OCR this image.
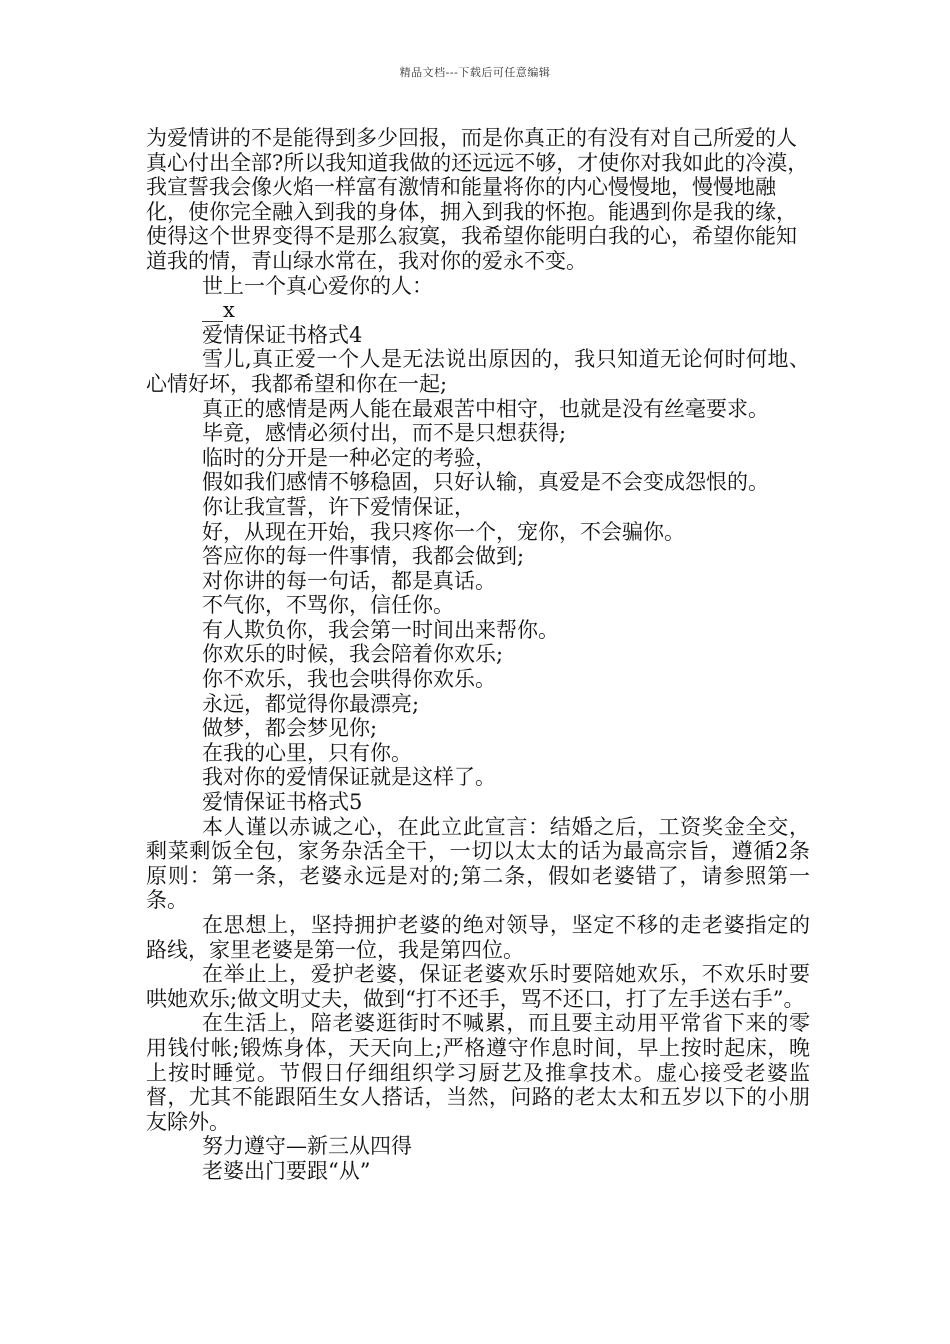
精品文档---下载后可任意编辑

为爱情讲的不是能得到多少回报，而是你真正的有没有对自己所爱的人真心付出全部?所以我知道我做的还远远不够，才使你对我如此的冷漠，我宣誓我会像火焰一样富有激情和能量将你的内心慢慢地，慢慢地融化，使你完全融入到我的身体，拥入到我的怀抱。能遇到你是我的缘，使得这个世界变得不是那么寂寞，我希望你能明白我的心，希望你能知道我的情，青山绿水常在，我对你的爱永不变。

世上一个真心爱你的人：

__x

爱情保证书格式4

雪儿,真正爱一个人是无法说出原因的，我只知道无论何时何地、心情好坏，我都希望和你在一起;

真正的感情是两人能在最艰苦中相守，也就是没有丝毫要求。

毕竟，感情必须付出，而不是只想获得;

临时的分开是一种必定的考验，

假如我们感情不够稳固，只好认输，真爱是不会变成怨恨的。

你让我宣誓，许下爱情保证，

好，从现在开始，我只疼你一个，宠你，不会骗你。

答应你的每一件事情，我都会做到;

对你讲的每一句话，都是真话。

不气你，不骂你，信任你。

有人欺负你，我会第一时间出来帮你。

你欢乐的时候，我会陪着你欢乐;

你不欢乐，我也会哄得你欢乐。

永远，都觉得你最漂亮;

做梦，都会梦见你;

在我的心里，只有你。

我对你的爱情保证就是这样了。

爱情保证书格式5

本人谨以赤诚之心，在此立此宣言：结婚之后，工资奖金全交，剩菜剩饭全包，家务杂活全干，一切以太太的话为最高宗旨，遵循2条原则：第一条，老婆永远是对的;第二条，假如老婆错了，请参照第一条。

在思想上，坚持拥护老婆的绝对领导，坚定不移的走老婆指定的路线，家里老婆是第一位，我是第四位。

在举止上，爱护老婆，保证老婆欢乐时要陪她欢乐，不欢乐时要哄她欢乐;做文明丈夫，做到“打不还手，骂不还口，打了左手送右手”。

在生活上，陪老婆逛街时不喊累，而且要主动用平常省下来的零用钱付帐;锻炼身体，天天向上;严格遵守作息时间，早上按时起床，晚上按时睡觉。节假日仔细组织学习厨艺及推拿技术。虚心接受老婆监督，尤其不能跟陌生女人搭话，当然，问路的老太太和五岁以下的小朋友除外。

努力遵守—新三从四得

老婆出门要跟“从”
